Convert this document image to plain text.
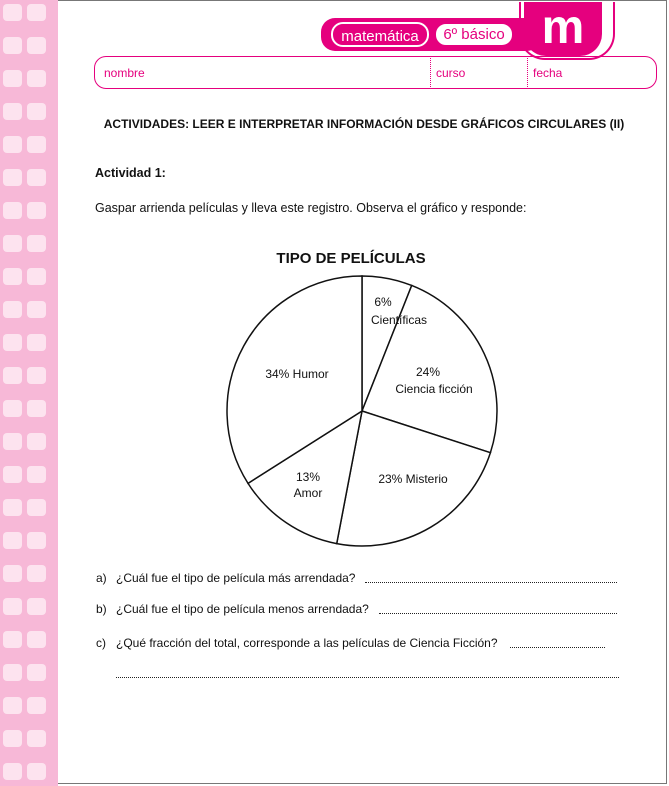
matemática	6º básico m
nombre	curso	fecha
ACTIVIDADES: LEER E INTERPRETAR INFORMACIÓN DESDE GRÁFICOS CIRCULARES (II)
Actividad 1:
Gaspar arrienda películas y lleva este registro. Observa el gráfico y responde:
TIPO DE PELÍCULAS
6%
Científicas
24%
Ciencia ficción
23% Misterio
13%
Amor
34% Humor
a) ¿Cuál fue el tipo de película más arrendada?
b) ¿Cuál fue el tipo de película menos arrendada?
c) ¿Qué fracción del total, corresponde a las películas de Ciencia Ficción?
